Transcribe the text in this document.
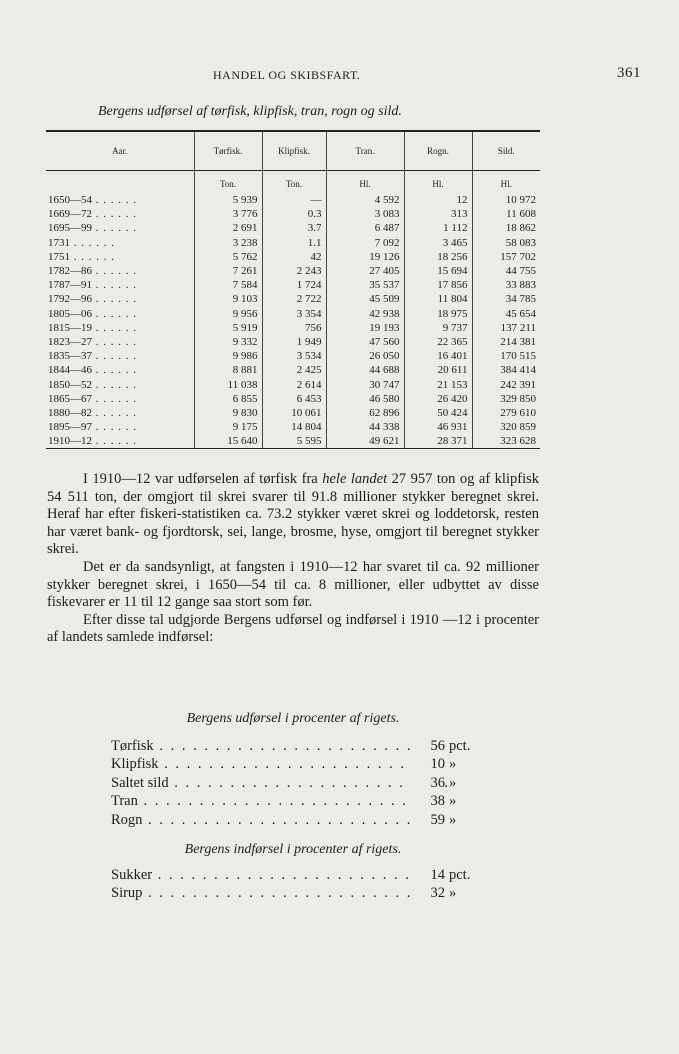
HANDEL OG SKIBSFART.	361
Bergens udførsel af tørfisk, klipfisk, tran, rogn og sild.
Aar.	Tørfisk.	Klipfisk.	Tran.	Rogn.	Sild.
	Ton.	Ton.	Hl.	Hl.	Hl.
1650—54 . . .	5 939	—	4 592	12	10 972
1669—72 . . .	3 776	0.3	3 083	313	11 608
1695—99 . . .	2 691	3.7	6 487	1 112	18 862
1731 . . .	3 238	1.1	7 092	3 465	58 083
1751 . . .	5 762	42	19 126	18 256	157 702
1782—86 . . .	7 261	2 243	27 405	15 694	44 755
1787—91 . . .	7 584	1 724	35 537	17 856	33 883
1792—96 . . .	9 103	2 722	45 509	11 804	34 785
1805—06 . . .	9 956	3 354	42 938	18 975	45 654
1815—19 . . .	5 919	756	19 193	9 737	137 211
1823—27 . . .	9 332	1 949	47 560	22 365	214 381
1835—37 . . .	9 986	3 534	26 050	16 401	170 515
1844—46 . . .	8 881	2 425	44 688	20 611	384 414
1850—52 . . .	11 038	2 614	30 747	21 153	242 391
1865—67 . . .	6 855	6 453	46 580	26 420	329 850
1880—82 . . .	9 830	10 061	62 896	50 424	279 610
1895—97 . . .	9 175	14 804	44 338	46 931	320 859
1910—12 . . .	15 640	5 595	49 621	28 371	323 628

I 1910—12 var udførselen af tørfisk fra hele landet 27 957 ton og af klipfisk 54 511 ton, der omgjort til skrei svarer til 91.8 millioner stykker beregnet skrei. Heraf har efter fiskeri-statistiken ca. 73.2 stykker været skrei og loddetorsk, resten har været bank- og fjordtorsk, sei, lange, brosme, hyse, omgjort til beregnet stykker skrei.

Det er da sandsynligt, at fangsten i 1910—12 har svaret til ca. 92 millioner stykker beregnet skrei, i 1650—54 til ca. 8 millioner, eller udbyttet av disse fiskevarer er 11 til 12 gange saa stort som før.

Efter disse tal udgjorde Bergens udførsel og indførsel i 1910 —12 i procenter af landets samlede indførsel:

Bergens udførsel i procenter af rigets.
Tørfisk . . .	56 pct.
Klipfisk . . .	10 »
Saltet sild . . .	36 »
Tran . . .	38 »
Rogn . . .	59 »
Bergens indførsel i procenter af rigets.
Sukker . . .	14 pct.
Sirup . . .	32 »
